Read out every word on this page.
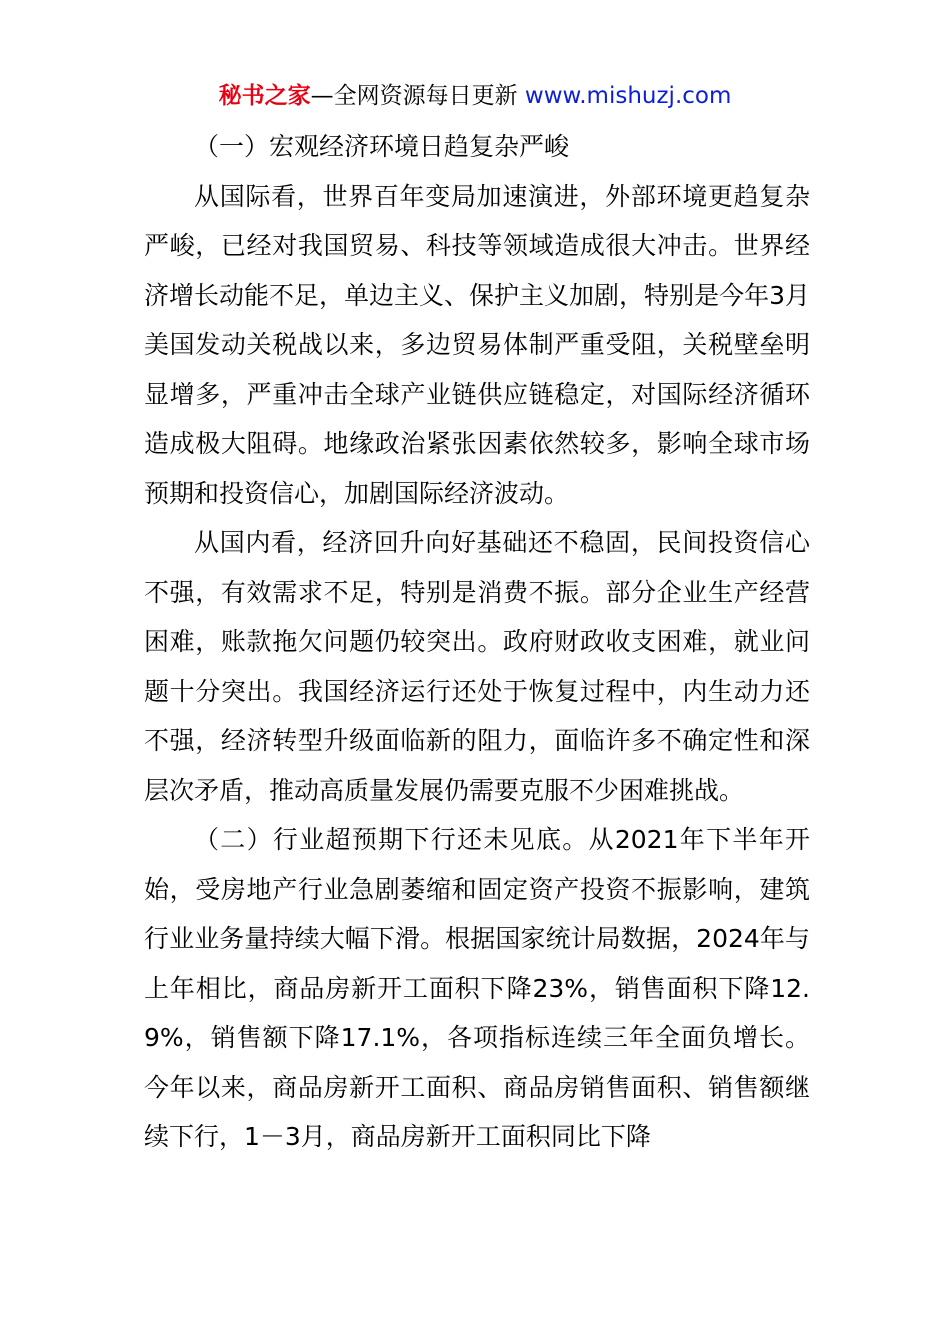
秘书之家—全网资源每日更新 www.mishuzj.com

（一）宏观经济环境日趋复杂严峻

从国际看，世界百年变局加速演进，外部环境更趋复杂严峻，已经对我国贸易、科技等领域造成很大冲击。世界经济增长动能不足，单边主义、保护主义加剧，特别是今年3月美国发动关税战以来，多边贸易体制严重受阻，关税壁垒明显增多，严重冲击全球产业链供应链稳定，对国际经济循环造成极大阻碍。地缘政治紧张因素依然较多，影响全球市场预期和投资信心，加剧国际经济波动。

从国内看，经济回升向好基础还不稳固，民间投资信心不强，有效需求不足，特别是消费不振。部分企业生产经营困难，账款拖欠问题仍较突出。政府财政收支困难，就业问题十分突出。我国经济运行还处于恢复过程中，内生动力还不强，经济转型升级面临新的阻力，面临许多不确定性和深层次矛盾，推动高质量发展仍需要克服不少困难挑战。

（二）行业超预期下行还未见底。从2021年下半年开始，受房地产行业急剧萎缩和固定资产投资不振影响，建筑行业业务量持续大幅下滑。根据国家统计局数据，2024年与上年相比，商品房新开工面积下降23%，销售面积下降12.9%，销售额下降17.1%，各项指标连续三年全面负增长。今年以来，商品房新开工面积、商品房销售面积、销售额继续下行，1－3月，商品房新开工面积同比下降
